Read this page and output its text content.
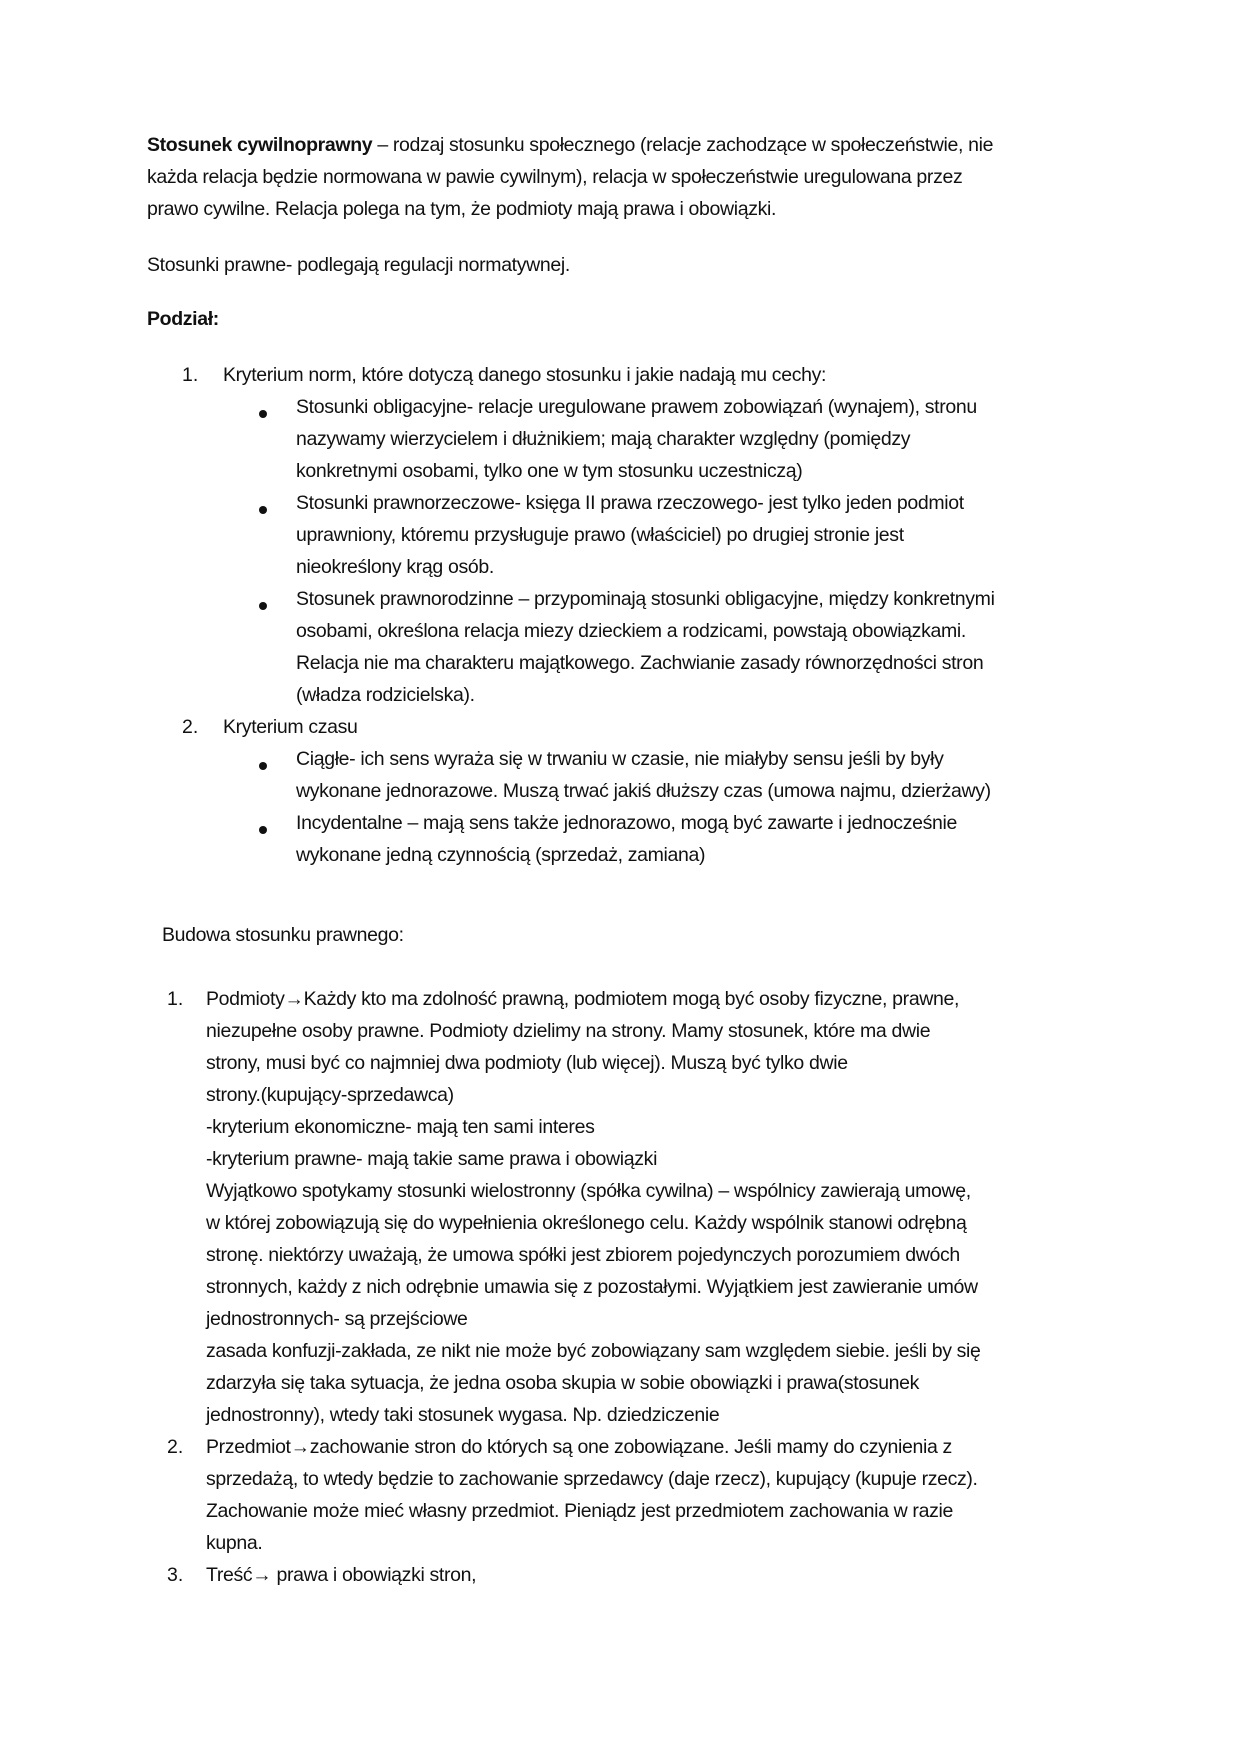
Stosunek cywilnoprawny – rodzaj stosunku społecznego (relacje zachodzące w społeczeństwie, nie
każda relacja będzie normowana w pawie cywilnym), relacja w społeczeństwie uregulowana przez
prawo cywilne. Relacja polega na tym, że podmioty mają prawa i obowiązki.
Stosunki prawne- podlegają regulacji normatywnej.
Podział:
1. Kryterium norm, które dotyczą danego stosunku i jakie nadają mu cechy:
Stosunki obligacyjne- relacje uregulowane prawem zobowiązań (wynajem), stronu
nazywamy wierzycielem i dłużnikiem; mają charakter względny (pomiędzy
konkretnymi osobami, tylko one w tym stosunku uczestniczą)
Stosunki prawnorzeczowe- księga II prawa rzeczowego- jest tylko jeden podmiot
uprawniony, któremu przysługuje prawo (właściciel) po drugiej stronie jest
nieokreślony krąg osób.
Stosunek prawnorodzinne – przypominają stosunki obligacyjne, między konkretnymi
osobami, określona relacja miezy dzieckiem a rodzicami, powstają obowiązkami.
Relacja nie ma charakteru majątkowego. Zachwianie zasady równorzędności stron
(władza rodzicielska).
2. Kryterium czasu
Ciągłe- ich sens wyraża się w trwaniu w czasie, nie miałyby sensu jeśli by były
wykonane jednorazowe. Muszą trwać jakiś dłuższy czas (umowa najmu, dzierżawy)
Incydentalne – mają sens także jednorazowo, mogą być zawarte i jednocześnie
wykonane jedną czynnością (sprzedaż, zamiana)
Budowa stosunku prawnego:
1. Podmioty→Każdy kto ma zdolność prawną, podmiotem mogą być osoby fizyczne, prawne,
niezupełne osoby prawne. Podmioty dzielimy na strony. Mamy stosunek, które ma dwie
strony, musi być co najmniej dwa podmioty (lub więcej). Muszą być tylko dwie
strony.(kupujący-sprzedawca)
-kryterium ekonomiczne- mają ten sami interes
-kryterium prawne- mają takie same prawa i obowiązki
Wyjątkowo spotykamy stosunki wielostronny (spółka cywilna) – wspólnicy zawierają umowę,
w której zobowiązują się do wypełnienia określonego celu. Każdy wspólnik stanowi odrębną
stronę. niektórzy uważają, że umowa spółki jest zbiorem pojedynczych porozumiem dwóch
stronnych, każdy z nich odrębnie umawia się z pozostałymi. Wyjątkiem jest zawieranie umów
jednostronnych- są przejściowe
zasada konfuzji-zakłada, ze nikt nie może być zobowiązany sam względem siebie. jeśli by się
zdarzyła się taka sytuacja, że jedna osoba skupia w sobie obowiązki i prawa(stosunek
jednostronny), wtedy taki stosunek wygasa. Np. dziedziczenie
2. Przedmiot→zachowanie stron do których są one zobowiązane. Jeśli mamy do czynienia z
sprzedażą, to wtedy będzie to zachowanie sprzedawcy (daje rzecz), kupujący (kupuje rzecz).
Zachowanie może mieć własny przedmiot. Pieniądz jest przedmiotem zachowania w razie
kupna.
3. Treść→ prawa i obowiązki stron,
